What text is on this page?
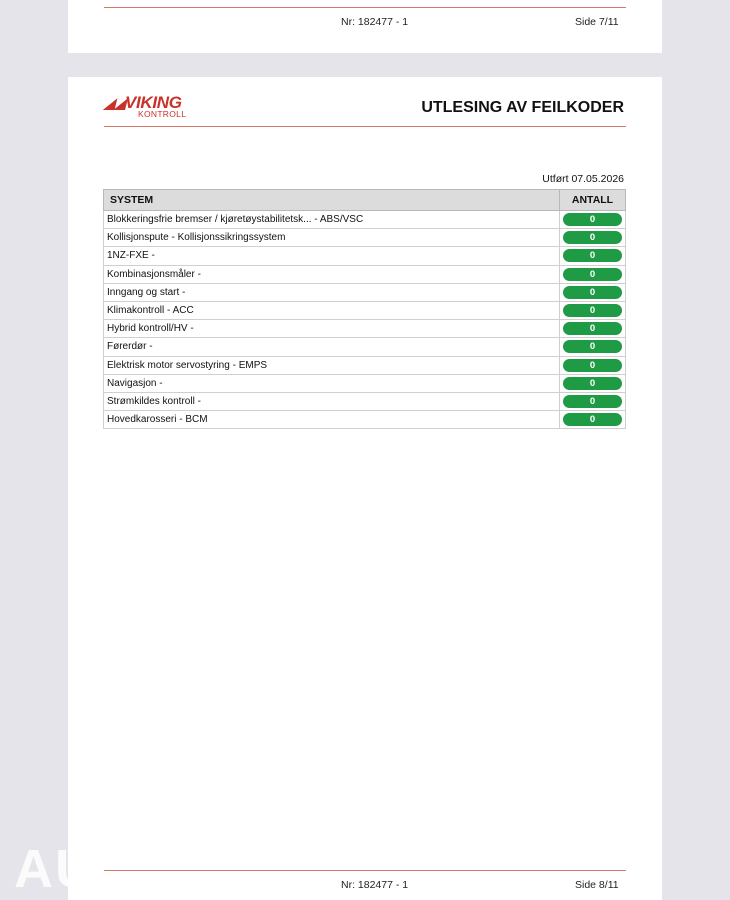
Nr: 182477 - 1	Side 7/11
◢◢VIKING
KONTROLL	UTLESING AV FEILKODER
Utført 07.05.2026
SYSTEM	ANTALL
Blokkeringsfrie bremser / kjøretøystabilitetsk... - ABS/VSC	0

Kollisjonspute - Kollisjonssikringssystem	0

1NZ-FXE -	0

Kombinasjonsmåler -	0

Inngang og start -	0

Klimakontroll - ACC	0

Hybrid kontroll/HV -	0

Førerdør -	0

Elektrisk motor servostyring - EMPS	0

Navigasjon -	0

Strømkildes kontroll -	0

Hovedkarosseri - BCM	0
Nr: 182477 - 1	Side 8/11
AU
